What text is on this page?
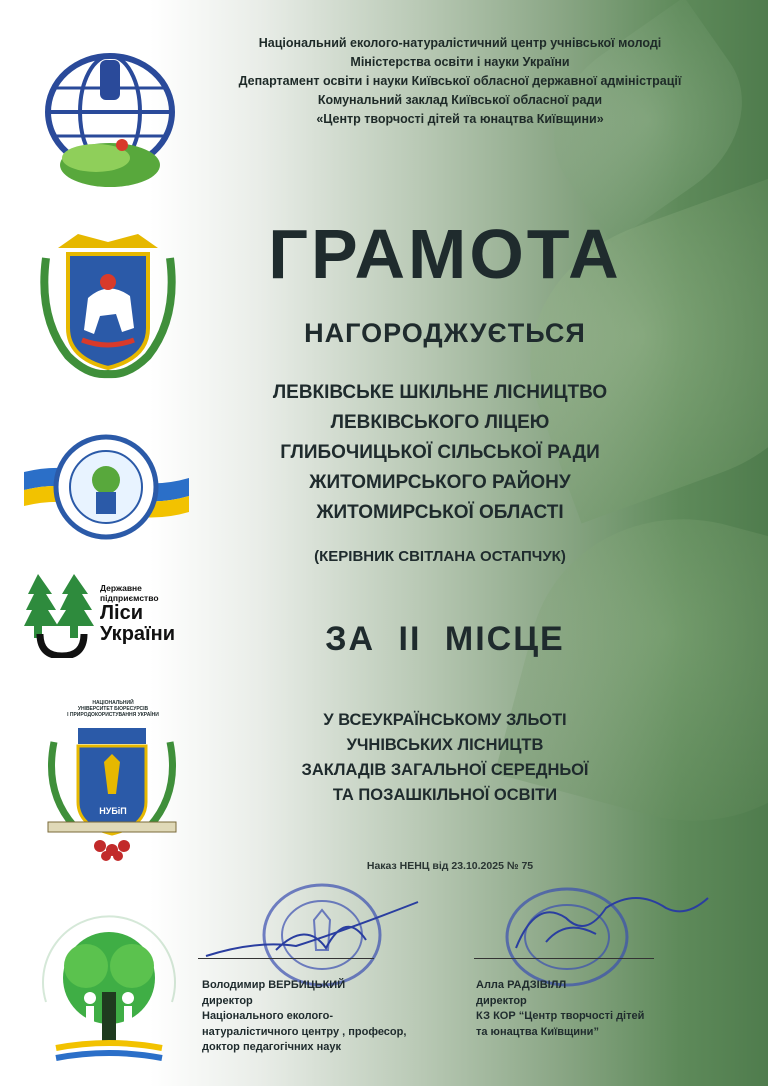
Національний еколого-натуралістичний центр учнівської молоді
Міністерства освіти і науки України
Департамент освіти і науки Київської обласної державної адміністрації
Комунальний заклад Київської обласної ради
«Центр творчості дітей та юнацтва Київщини»
Державне
підприємство
Ліси
України
НАЦІОНАЛЬНИЙ
УНІВЕРСИТЕТ БІОРЕСУРСІВ
І ПРИРОДОКОРИСТУВАННЯ УКРАЇНИ
НУБіП
ГРАМОТА
НАГОРОДЖУЄТЬСЯ
ЛЕВКІВСЬКЕ ШКІЛЬНЕ ЛІСНИЦТВО
ЛЕВКІВСЬКОГО ЛІЦЕЮ
ГЛИБОЧИЦЬКОЇ СІЛЬСЬКОЇ РАДИ
ЖИТОМИРСЬКОГО РАЙОНУ
ЖИТОМИРСЬКОЇ ОБЛАСТІ
(КЕРІВНИК СВІТЛАНА ОСТАПЧУК)
ЗА II МІСЦЕ
У ВСЕУКРАЇНСЬКОМУ ЗЛЬОТІ
УЧНІВСЬКИХ ЛІСНИЦТВ
ЗАКЛАДІВ ЗАГАЛЬНОЇ СЕРЕДНЬОЇ
ТА ПОЗАШКІЛЬНОЇ ОСВІТИ
Наказ НЕНЦ від 23.10.2025 № 75
Володимир ВЕРБИЦЬКИЙ
директор
Національного еколого-
натуралістичного центру , професор,
доктор педагогічних наук
Алла РАДЗІВІЛЛ
директор
КЗ КОР “Центр творчості дітей
та юнацтва Київщини”
